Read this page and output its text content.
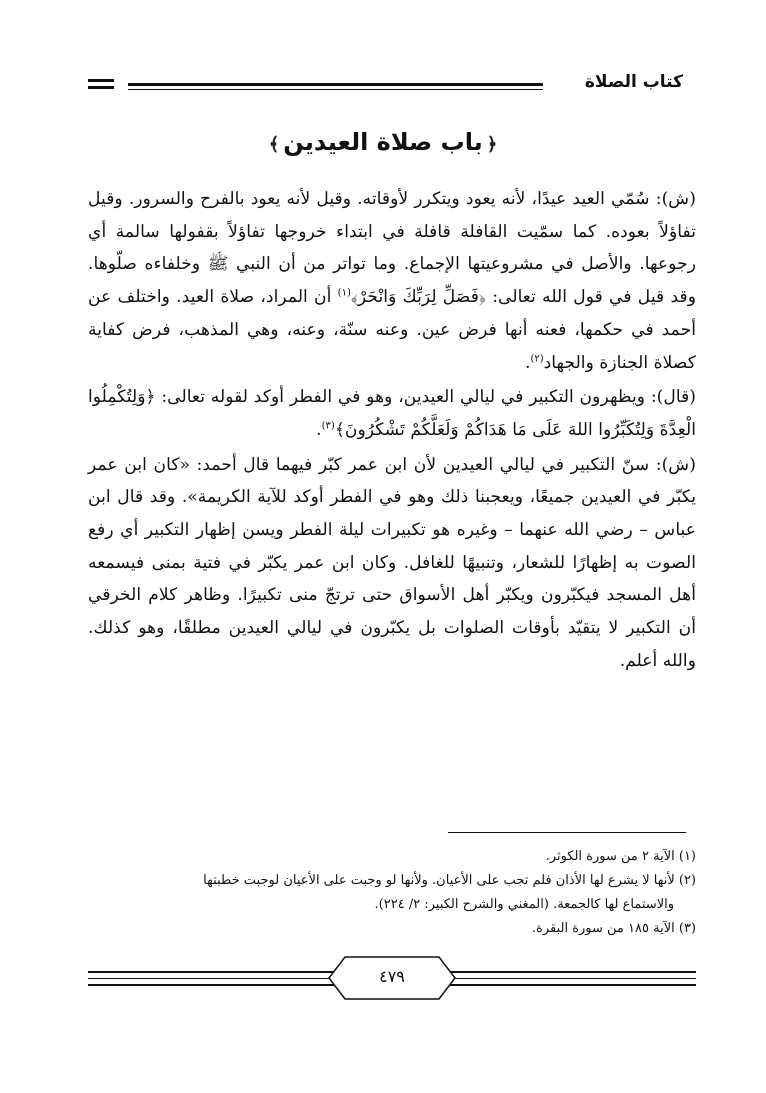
كتاب الصلاة
﴿باب صلاة العيدين﴾

(ش): سُمّي العيد عيدًا، لأنه يعود ويتكرر لأوقاته. وقيل لأنه يعود بالفرح والسرور. وقيل تفاؤلاً بعوده. كما سمّيت القافلة قافلة في ابتداء خروجها تفاؤلاً بقفولها سالمة أي رجوعها. والأصل في مشروعيتها الإجماع. وما تواتر من أن النبي ﷺ وخلفاءه صلّوها. وقد قيل في قول الله تعالى: ﴿فَصَلِّ لِرَبِّكَ وَانْحَرْ﴾$^{(١)}$ أن المراد، صلاة العيد. واختلف عن أحمد في حكمها، فعنه أنها فرض عين. وعنه سنّة، وعنه، وهي المذهب، فرض كفاية كصلاة الجنازة والجهاد$^{(٢)}$.

(قال): ويظهرون التكبير في ليالي العيدين، وهو في الفطر أوكد لقوله تعالى: ﴿وَلِتُكْمِلُوا الْعِدَّةَ وَلِتُكَبِّرُوا اللهَ عَلَى مَا هَدَاكُمْ وَلَعَلَّكُمْ تَشْكُرُونَ﴾$^{(٣)}$.

(ش): سنّ التكبير في ليالي العيدين لأن ابن عمر كبّر فيهما قال أحمد: «كان ابن عمر يكبّر في العيدين جميعًا، ويعجبنا ذلك وهو في الفطر أوكد للآية الكريمة». وقد قال ابن عباس – رضي الله عنهما – وغيره هو تكبيرات ليلة الفطر ويسن إظهار التكبير أي رفع الصوت به إظهارًا للشعار، وتنبيهًا للغافل. وكان ابن عمر يكبّر في فتية بمنى فيسمعه أهل المسجد فيكبّرون ويكبّر أهل الأسواق حتى ترتجّ منى تكبيرًا. وظاهر كلام الخرقي أن التكبير لا يتقيّد بأوقات الصلوات بل يكبّرون في ليالي العيدين مطلقًا، وهو كذلك. والله أعلم.

(١) الآية ٢ من سورة الكوثر.

(٢) لأنها لا يشرع لها الأذان فلم تجب على الأعيان. ولأنها لو وجبت على الأعيان لوجبت خطبتها

والاستماع لها كالجمعة. (المغني والشرح الكبير: ٢/ ٢٢٤).

(٣) الآية ١٨٥ من سورة البقرة.

٤٧٩
